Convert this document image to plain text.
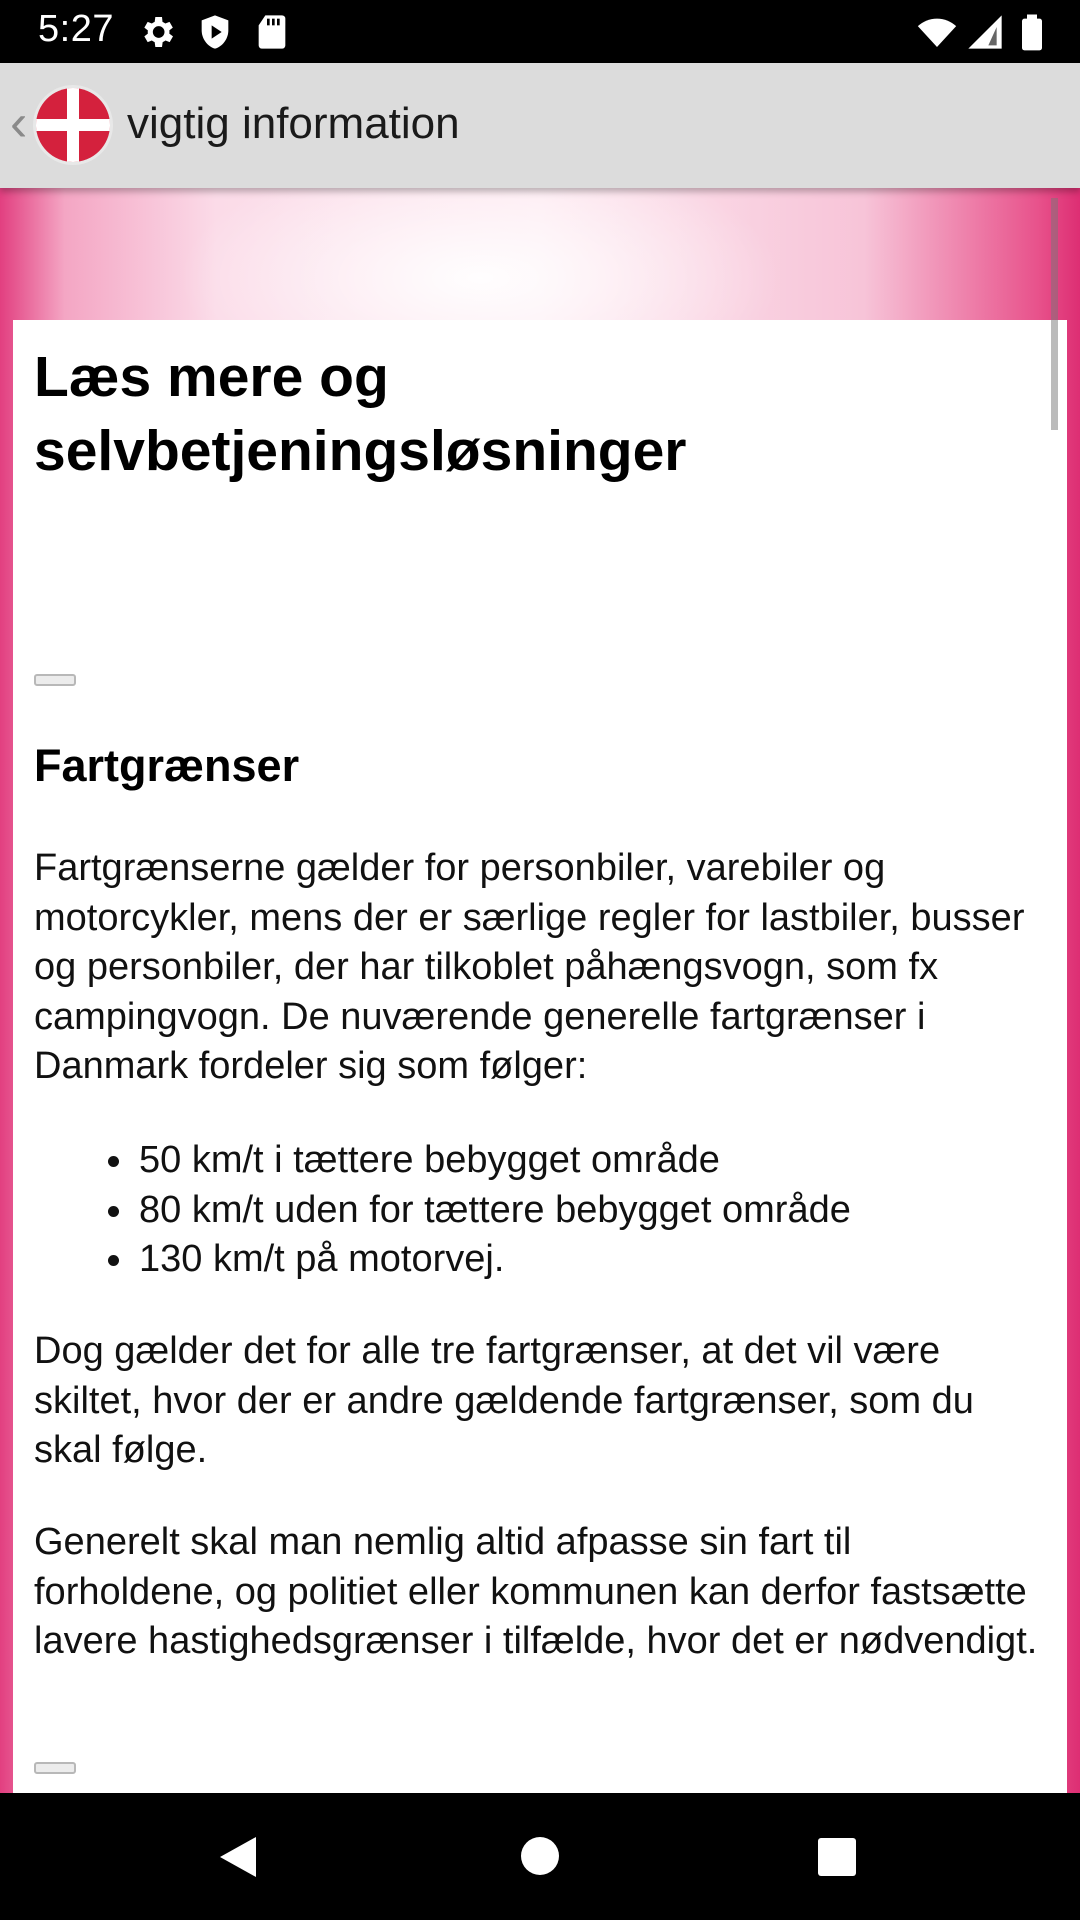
5:27
‹ vigtig information
Læs mere og selvbetjeningsløsninger
Fartgrænser

Fartgrænserne gælder for personbiler, varebiler og motorcykler, mens der er særlige regler for lastbiler, busser og personbiler, der har tilkoblet påhængsvogn, som fx campingvogn. De nuværende generelle fartgrænser i Danmark fordeler sig som følger:

50 km/t i tættere bebygget område
80 km/t uden for tættere bebygget område
130 km/t på motorvej.

Dog gælder det for alle tre fartgrænser, at det vil være skiltet, hvor der er andre gældende fartgrænser, som du skal følge.

Generelt skal man nemlig altid afpasse sin fart til forholdene, og politiet eller kommunen kan derfor fastsætte lavere hastighedsgrænser i tilfælde, hvor det er nødvendigt.
